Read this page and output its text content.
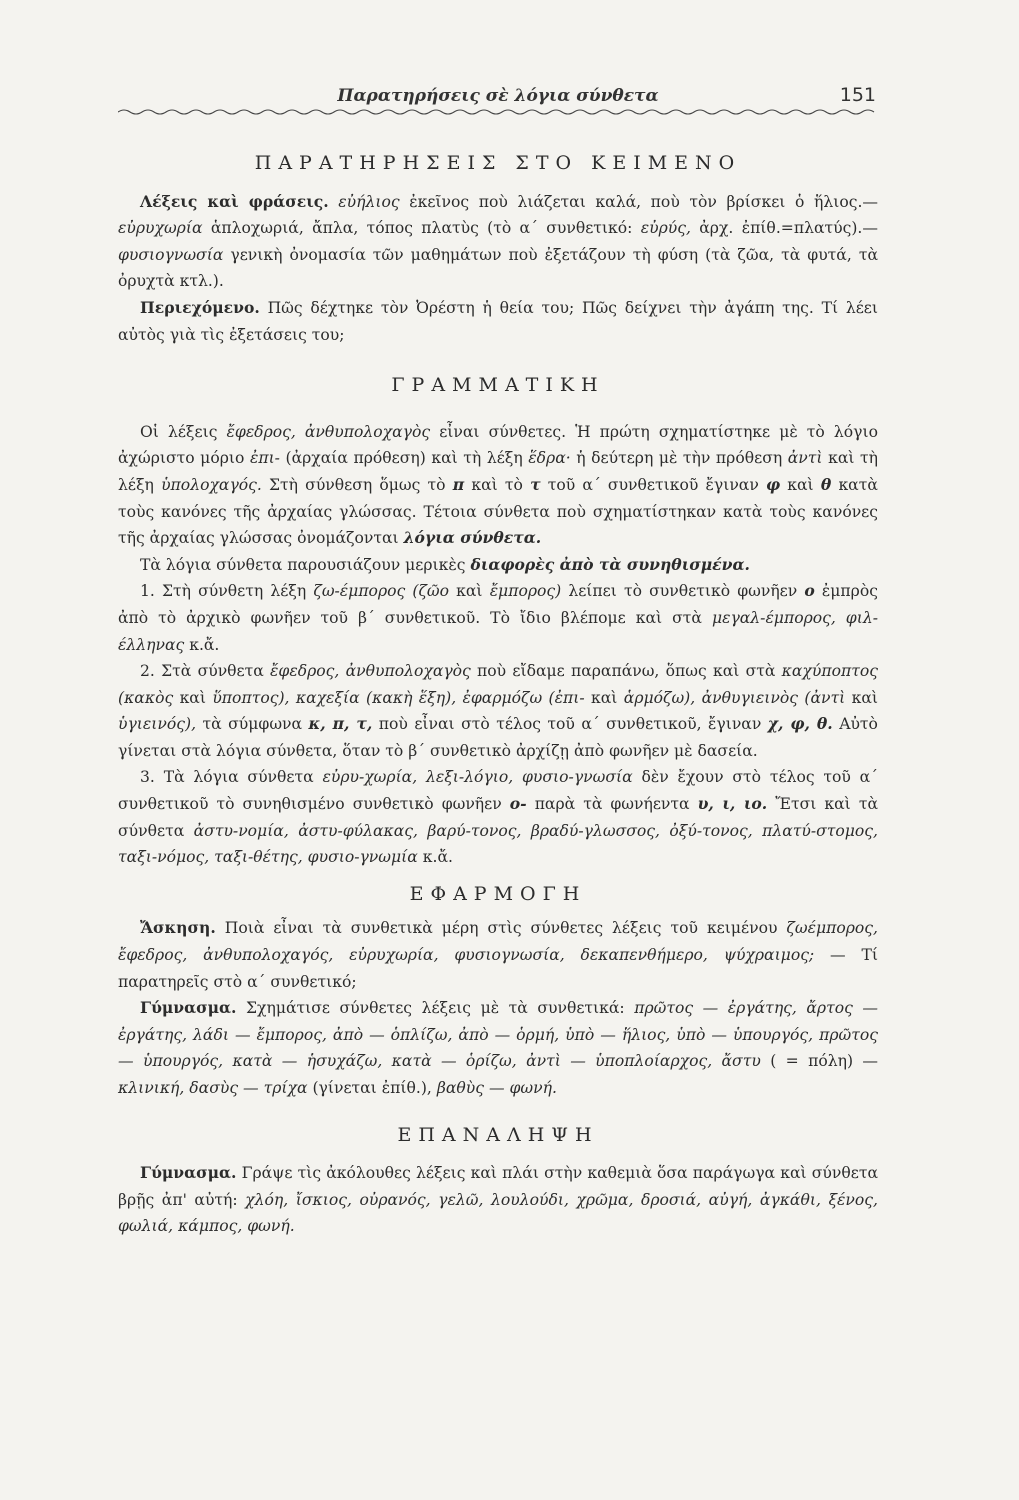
Παρατηρήσεις σὲ λόγια σύνθετα	151
ΠΑΡΑΤΗΡΗΣΕΙΣ ΣΤΟ ΚΕΙΜΕΝΟ

Λέξεις καὶ φράσεις. εὐήλιος ἐκεῖνος ποὺ λιάζεται καλά, ποὺ τὸν βρίσκει ὁ ἥλιος.— εὐρυχωρία ἁπλοχωριά, ἄπλα, τόπος πλατὺς (τὸ α΄ συνθετικό: εὐρύς, ἀρχ. ἐπίθ.=πλατύς).— φυσιογνωσία γενικὴ ὀνομασία τῶν μαθημάτων ποὺ ἐξετάζουν τὴ φύση (τὰ ζῶα, τὰ φυτά, τὰ ὀρυχτὰ κτλ.).

Περιεχόμενο. Πῶς δέχτηκε τὸν Ὀρέστη ἡ θεία του; Πῶς δείχνει τὴν ἀγάπη της. Τί λέει αὐτὸς γιὰ τὶς ἐξετάσεις του;

ΓΡΑΜΜΑΤΙΚΗ

Οἱ λέξεις ἔφεδρος, ἀνθυπολοχαγὸς εἶναι σύνθετες. Ἡ πρώτη σχηματίστηκε μὲ τὸ λόγιο ἀχώριστο μόριο ἐπι- (ἀρχαία πρόθεση) καὶ τὴ λέξη ἕδρα· ἡ δεύτερη μὲ τὴν πρόθεση ἀντὶ καὶ τὴ λέξη ὑπολοχαγός. Στὴ σύνθεση ὅμως τὸ π καὶ τὸ τ τοῦ α΄ συνθετικοῦ ἔγιναν φ καὶ θ κατὰ τοὺς κανόνες τῆς ἀρχαίας γλώσσας. Τέτοια σύνθετα ποὺ σχηματίστηκαν κατὰ τοὺς κανόνες τῆς ἀρχαίας γλώσσας ὀνομάζονται λόγια σύνθετα.

Τὰ λόγια σύνθετα παρουσιάζουν μερικὲς διαφορὲς ἀπὸ τὰ συνηθισμένα.

1. Στὴ σύνθετη λέξη ζω-έμπορος (ζῶο καὶ ἔμπορος) λείπει τὸ συνθετικὸ φωνῆεν ο ἐμπρὸς ἀπὸ τὸ ἀρχικὸ φωνῆεν τοῦ β΄ συνθετικοῦ. Τὸ ἴδιο βλέπομε καὶ στὰ μεγαλ-έμπορος, φιλ-έλληνας κ.ἄ.

2. Στὰ σύνθετα ἔφεδρος, ἀνθυπολοχαγὸς ποὺ εἴδαμε παραπάνω, ὅπως καὶ στὰ καχύποπτος (κακὸς καὶ ὕποπτος), καχεξία (κακὴ ἕξη), ἐφαρμόζω (ἐπι- καὶ ἁρμόζω), ἀνθυγιεινὸς (ἀντὶ καὶ ὑγιεινός), τὰ σύμφωνα κ, π, τ, ποὺ εἶναι στὸ τέλος τοῦ α΄ συνθετικοῦ, ἔγιναν χ, φ, θ. Αὐτὸ γίνεται στὰ λόγια σύνθετα, ὅταν τὸ β΄ συνθετικὸ ἀρχίζῃ ἀπὸ φωνῆεν μὲ δασεία.

3. Τὰ λόγια σύνθετα εὐρυ-χωρία, λεξι-λόγιο, φυσιο-γνωσία δὲν ἔχουν στὸ τέλος τοῦ α΄ συνθετικοῦ τὸ συνηθισμένο συνθετικὸ φωνῆεν ο- παρὰ τὰ φωνήεντα υ, ι, ιο. Ἔτσι καὶ τὰ σύνθετα ἀστυ-νομία, ἀστυ-φύλακας, βαρύ-τονος, βραδύ-γλωσσος, ὀξύ-τονος, πλατύ-στομος, ταξι-νόμος, ταξι-θέτης, φυσιο-γνωμία κ.ἄ.

ΕΦΑΡΜΟΓΗ

Ἄσκηση. Ποιὰ εἶναι τὰ συνθετικὰ μέρη στὶς σύνθετες λέξεις τοῦ κειμένου ζωέμπορος, ἔφεδρος, ἀνθυπολοχαγός, εὐρυχωρία, φυσιογνωσία, δεκαπενθήμερο, ψύχραιμος; — Τί παρατηρεῖς στὸ α΄ συνθετικό;

Γύμνασμα. Σχημάτισε σύνθετες λέξεις μὲ τὰ συνθετικά: πρῶτος — ἐργάτης, ἄρτος — ἐργάτης, λάδι — ἔμπορος, ἀπὸ — ὁπλίζω, ἀπὸ — ὁρμή, ὑπὸ — ἥλιος, ὑπὸ — ὑπουργός, πρῶτος — ὑπουργός, κατὰ — ἡσυχάζω, κατὰ — ὁρίζω, ἀντὶ — ὑποπλοίαρχος, ἄστυ ( = πόλη) — κλινική, δασὺς — τρίχα (γίνεται ἐπίθ.), βαθὺς — φωνή.

ΕΠΑΝΑΛΗΨΗ

Γύμνασμα. Γράψε τὶς ἀκόλουθες λέξεις καὶ πλάι στὴν καθεμιὰ ὅσα παράγωγα καὶ σύνθετα βρῇς ἀπ' αὐτή: χλόη, ἴσκιος, οὐρανός, γελῶ, λουλούδι, χρῶμα, δροσιά, αὐγή, ἀγκάθι, ξένος, φωλιά, κάμπος, φωνή.
